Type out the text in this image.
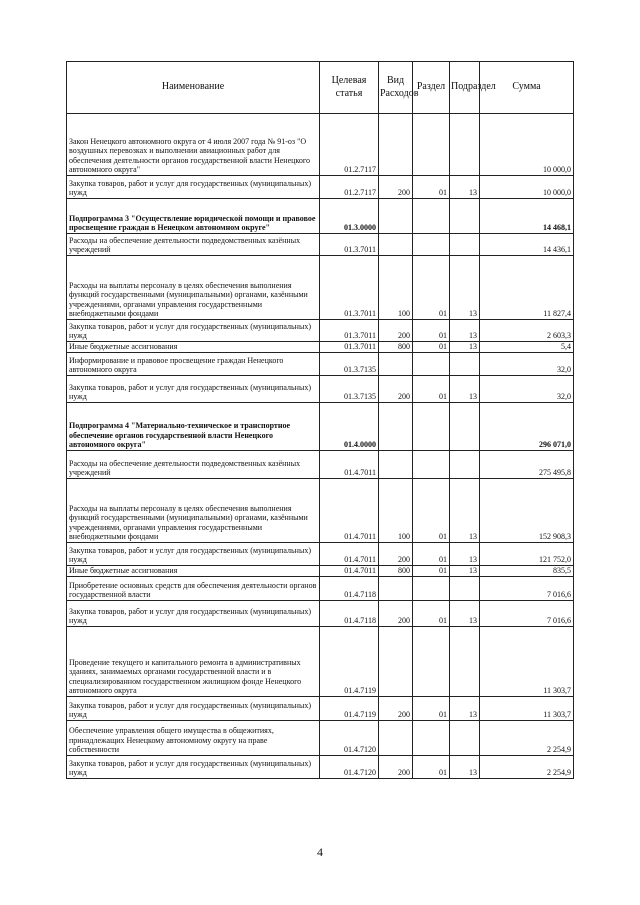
Наименование	Целевая статья	Вид Расходов	Раздел	Подраздел	Сумма
Закон Ненецкого автономного округа от 4 июля 2007 года № 91-оз "О воздушных перевозках и выполнении авиационных работ для обеспечения деятельности органов государственной власти Ненецкого автономного округа"	01.2.7117				10 000,0
Закупка товаров, работ и услуг для государственных (муниципальных) нужд	01.2.7117	200	01	13	10 000,0
Подпрограмма 3 "Осуществление юридической помощи и правовое просвещение граждан в Ненецком автономном округе"	01.3.0000				14 468,1
Расходы на обеспечение деятельности подведомственных казённых учреждений	01.3.7011				14 436,1
Расходы на выплаты персоналу в целях обеспечения выполнения функций государственными (муниципальными) органами, казёнными учреждениями, органами управления государственными внебюджетными фондами	01.3.7011	100	01	13	11 827,4
Закупка товаров, работ и услуг для государственных (муниципальных) нужд	01.3.7011	200	01	13	2 603,3
Иные бюджетные ассигнования	01.3.7011	800	01	13	5,4
Информирование и правовое просвещение граждан Ненецкого автономного округа	01.3.7135				32,0
Закупка товаров, работ и услуг для государственных (муниципальных) нужд	01.3.7135	200	01	13	32,0
Подпрограмма 4 "Материально-техническое и транспортное обеспечение органов государственной власти Ненецкого автономного округа"	01.4.0000				296 071,0
Расходы на обеспечение деятельности подведомственных казённых учреждений	01.4.7011				275 495,8
Расходы на выплаты персоналу в целях обеспечения выполнения функций государственными (муниципальными) органами, казёнными учреждениями, органами управления государственными внебюджетными фондами	01.4.7011	100	01	13	152 908,3
Закупка товаров, работ и услуг для государственных (муниципальных) нужд	01.4.7011	200	01	13	121 752,0
Иные бюджетные ассигнования	01.4.7011	800	01	13	835,5
Приобретение основных средств для обеспечения деятельности органов государственной власти	01.4.7118				7 016,6
Закупка товаров, работ и услуг для государственных (муниципальных) нужд	01.4.7118	200	01	13	7 016,6
Проведение текущего и капитального ремонта в административных зданиях, занимаемых органами государственной власти и в специализированном государственном жилищном фонде Ненецкого автономного округа	01.4.7119				11 303,7
Закупка товаров, работ и услуг для государственных (муниципальных) нужд	01.4.7119	200	01	13	11 303,7
Обеспечение управления общего имущества в общежитиях, принадлежащих Ненецкому автономному округу на праве собственности	01.4.7120				2 254,9
Закупка товаров, работ и услуг для государственных (муниципальных) нужд	01.4.7120	200	01	13	2 254,9
4
